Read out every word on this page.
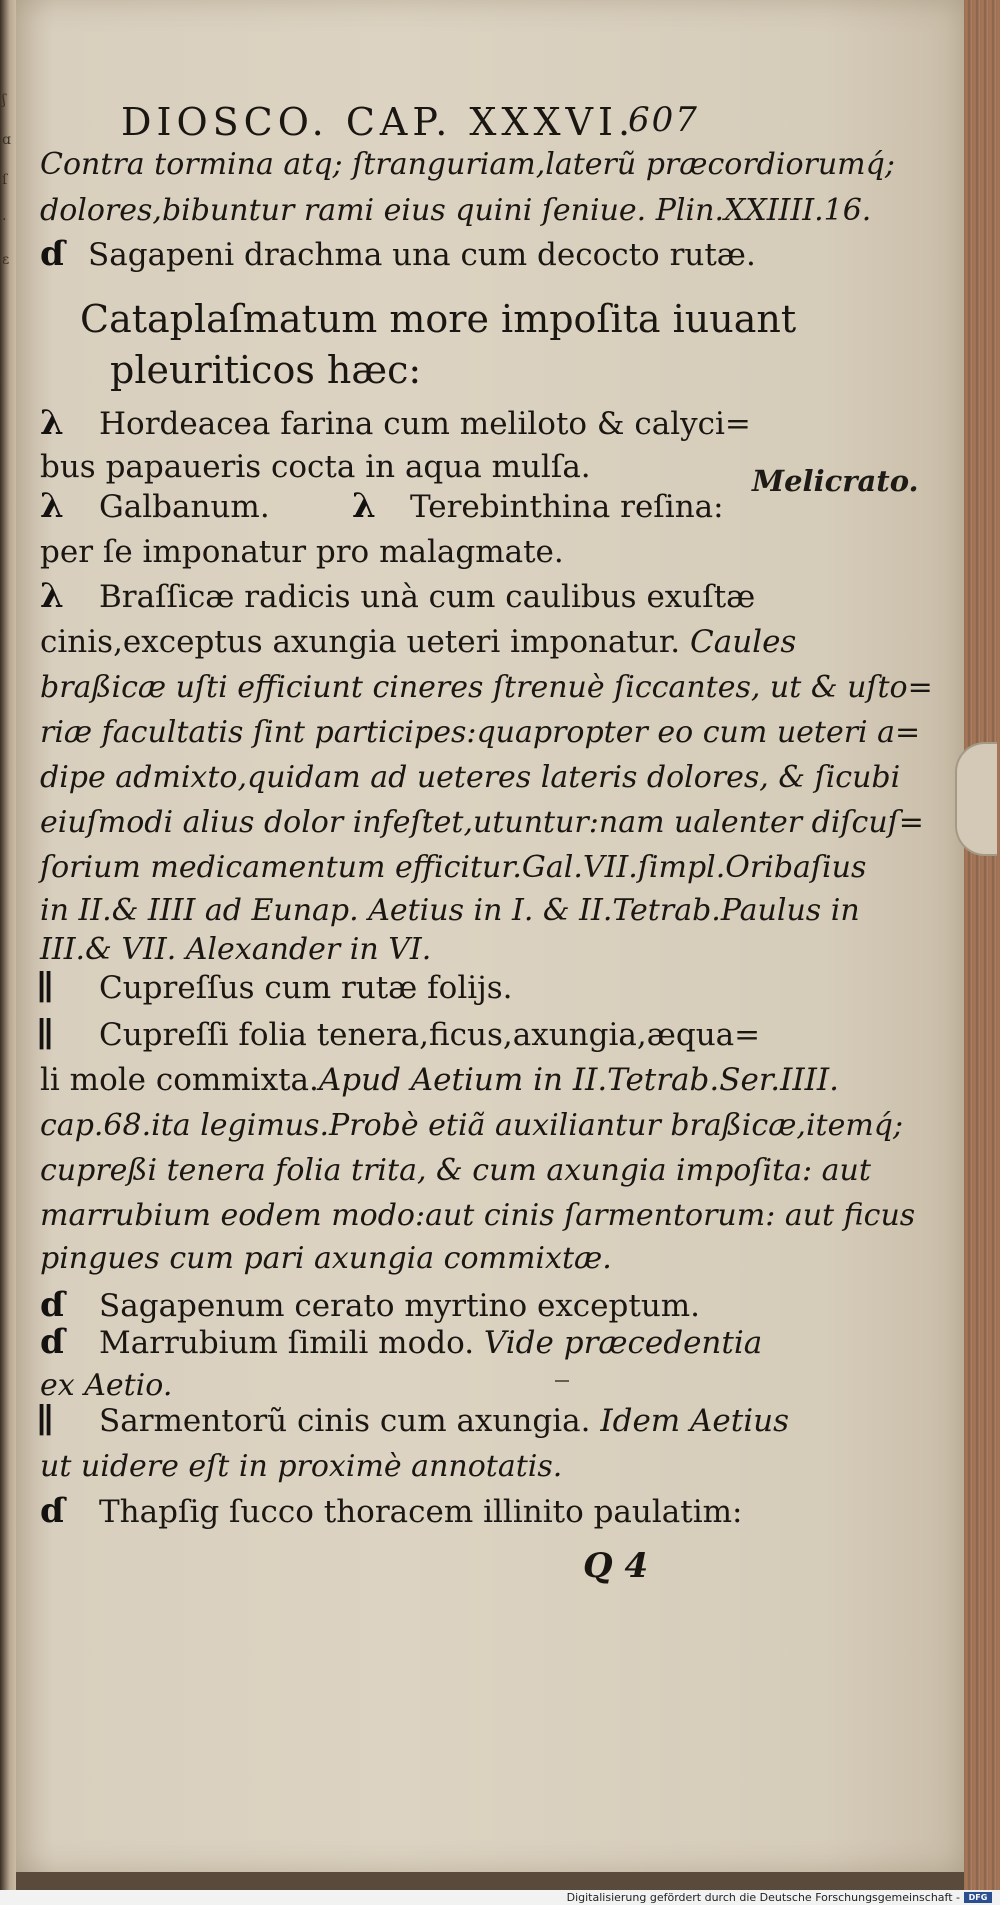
ʃ
ɑ
ſ
·
ɛ
DIOSCO. CAP. XXXVI.
607
Contra tormina atq; ſtranguriam,laterũ præcordiorumq́;
dolores,bibuntur rami eius quini ſeniue. Plin.XXIIII.16.
ɗ Sagapeni drachma una cum decocto rutæ.
Cataplaſmatum more impoſita iuuant
pleuriticos hæc:
λ Hordeacea farina cum meliloto & calyci=
bus papaueris cocta in aqua mulſa.	Melicrato.
λ Galbanum. λ Terebinthina reſina:
per ſe imponatur pro malagmate.
λ Braſſicæ radicis unà cum caulibus exuſtæ
cinis,exceptus axungia ueteri imponatur. Caules
braßicæ uſti efficiunt cineres ſtrenuè ſiccantes, ut & uſto=
riæ facultatis ſint participes:quapropter eo cum ueteri a=
dipe admixto,quidam ad ueteres lateris dolores, & ſicubi
eiuſmodi alius dolor infeſtet,utuntur:nam ualenter diſcuſ=
ſorium medicamentum efficitur.Gal.VII.ſimpl.Oribaſius
in II.& IIII ad Eunap. Aetius in I. & II.Tetrab.Paulus in
III.& VII. Alexander in VI.
∥ Cupreſſus cum rutæ folijs.
∥ Cupreſſi folia tenera,ficus,axungia,æqua=
li mole commixta.Apud Aetium in II.Tetrab.Ser.IIII.
cap.68.ita legimus.Probè etiã auxiliantur braßicæ,itemq́;
cupreßi tenera folia trita, & cum axungia impoſita: aut
marrubium eodem modo:aut cinis ſarmentorum: aut ficus
pingues cum pari axungia commixtæ.
ɗ Sagapenum cerato myrtino exceptum.
ɗ Marrubium ſimili modo. Vide præcedentia
ex Aetio.
∥ Sarmentorũ cinis cum axungia. Idem Aetius
ut uidere eſt in proximè annotatis.
ɗ Thapſig ſucco thoracem illinito paulatim:
Q 4
Digitalisierung gefördert durch die Deutsche Forschungsgemeinschaft -	DFG
